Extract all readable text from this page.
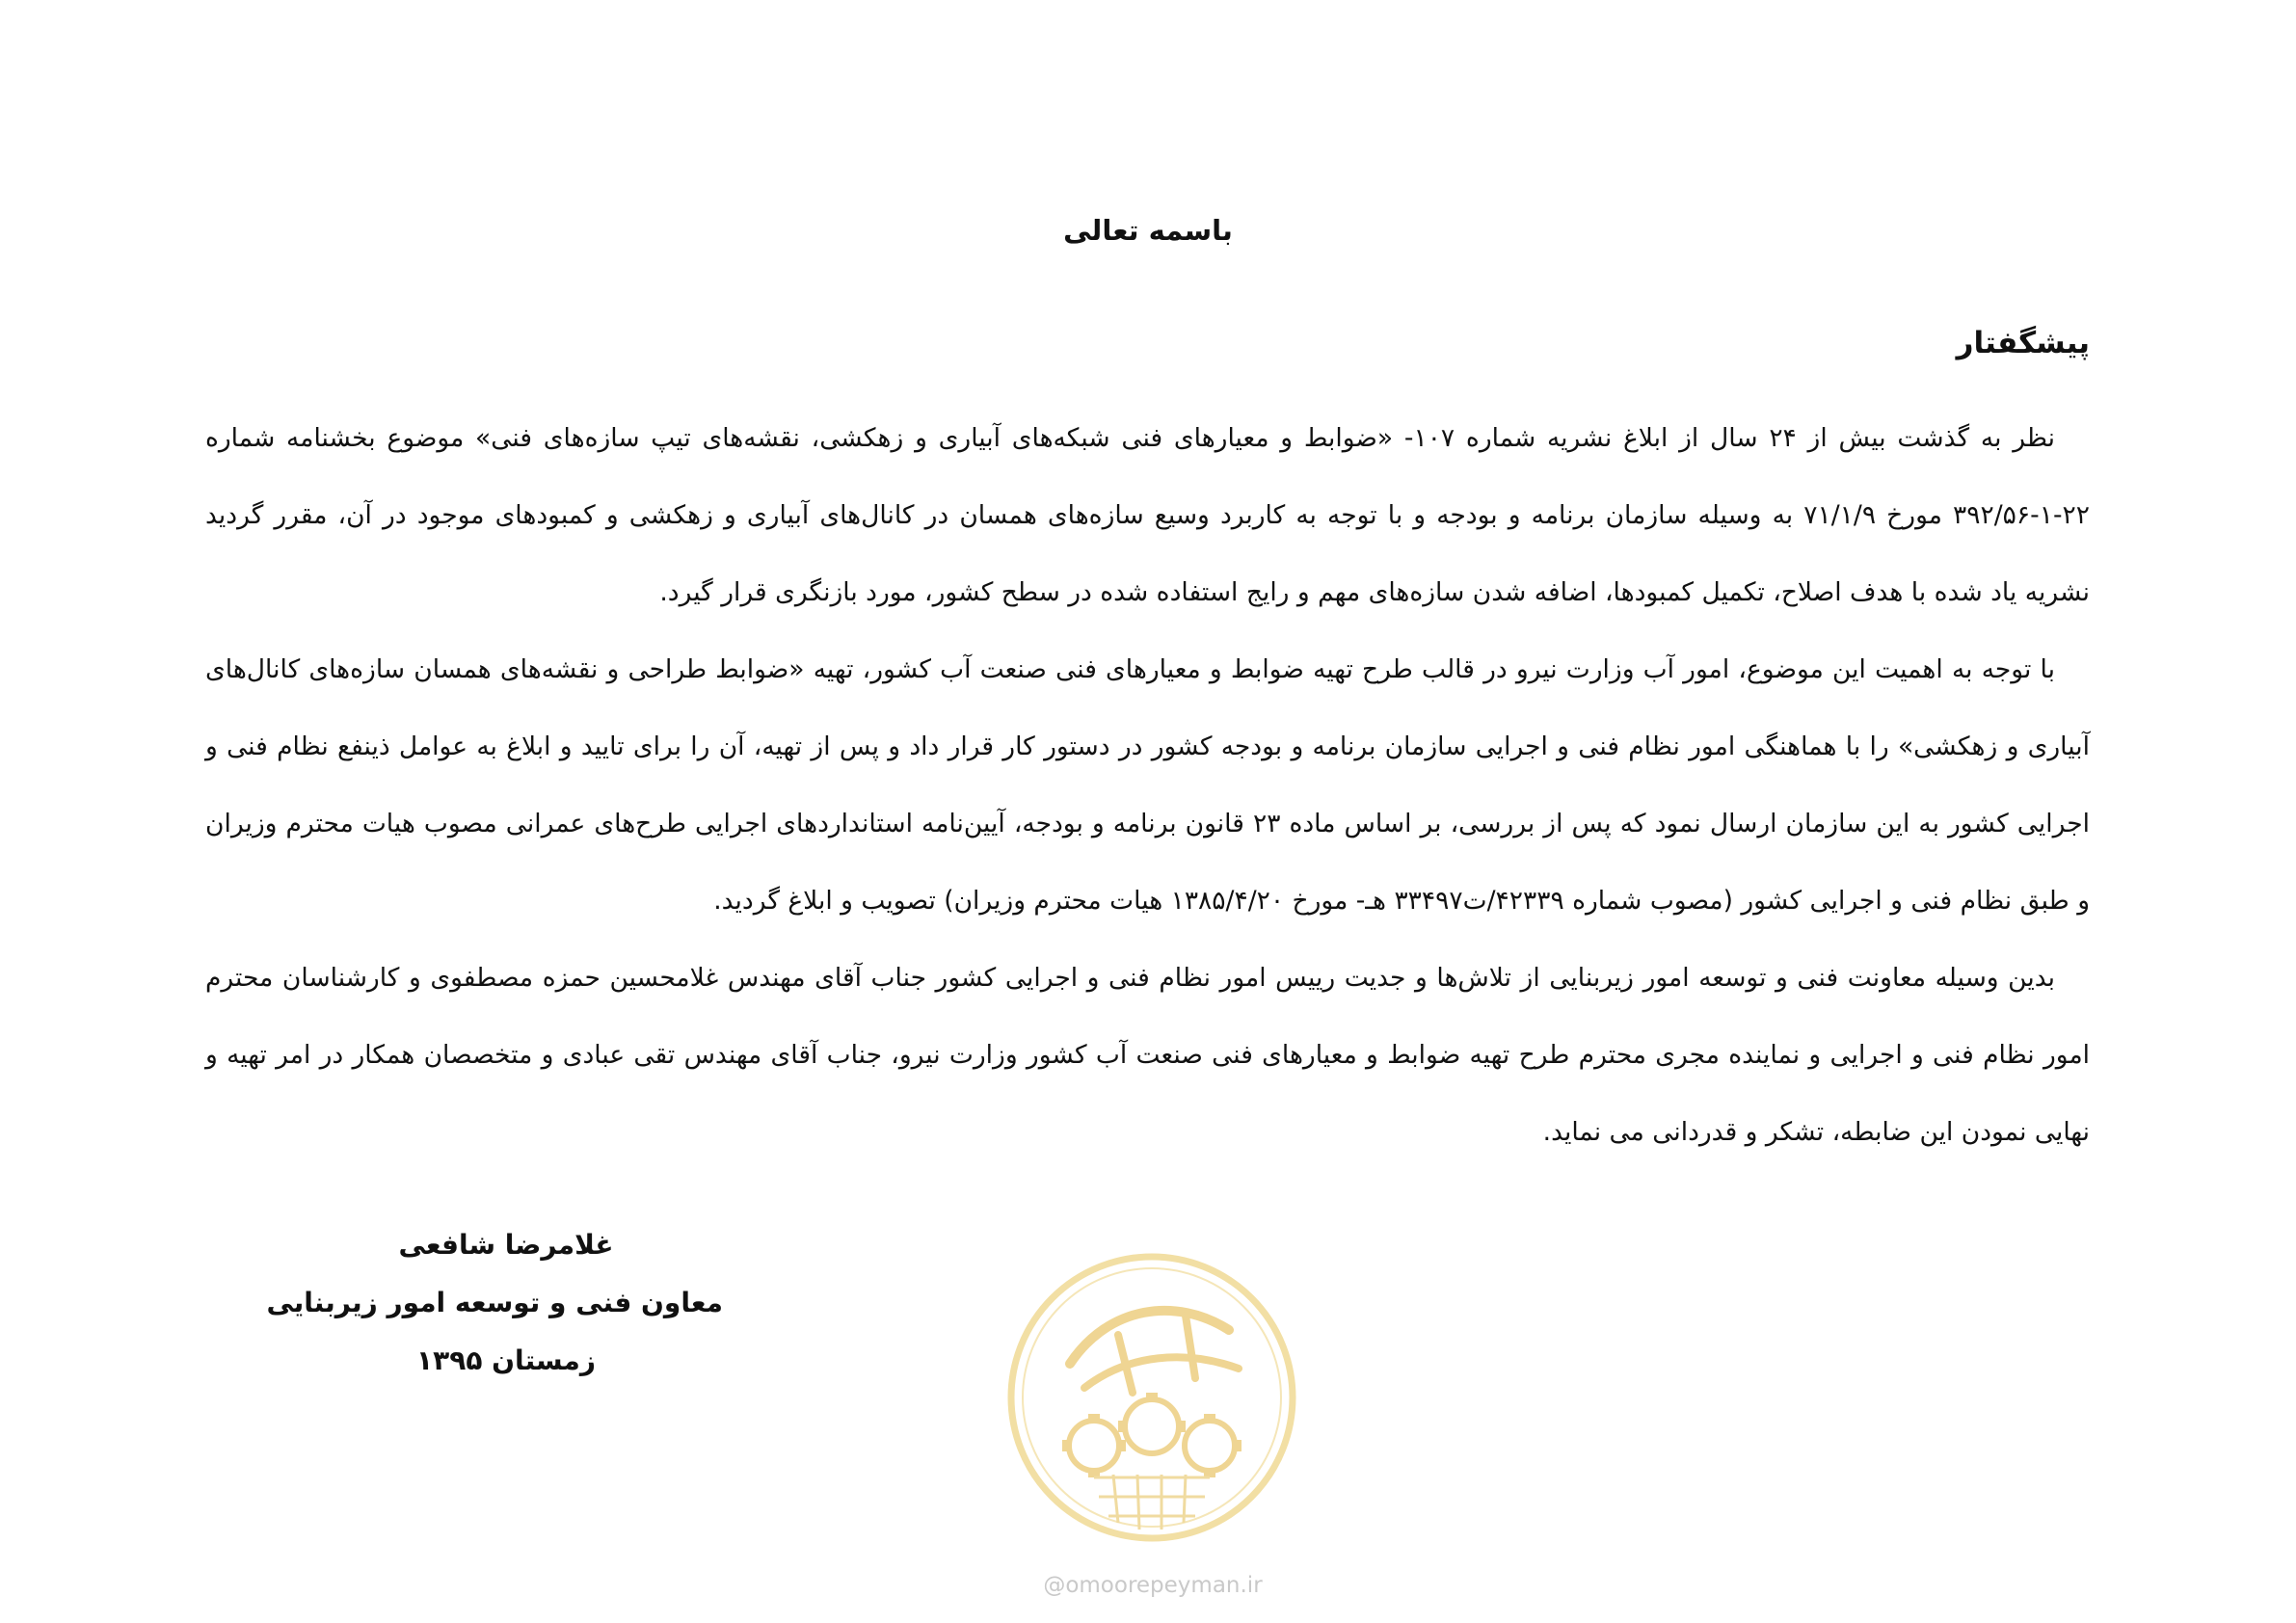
باسمه تعالی
پیشگفتار

نظر به گذشت بیش از ۲۴ سال از ابلاغ نشریه شماره ۱۰۷- «ضوابط و معیارهای فنی شبکه‌های آبیاری و زهکشی، نقشه‌های تیپ سازه‌های فنی» موضوع بخشنامه شماره ۲۲-۱-۳۹۲/۵۶ مورخ ۷۱/۱/۹ به وسیله سازمان برنامه و بودجه و با توجه به کاربرد وسیع سازه‌های همسان در کانال‌های آبیاری و زهکشی و کمبودهای موجود در آن، مقرر گردید نشریه یاد شده با هدف اصلاح، تکمیل کمبودها، اضافه شدن سازه‌های مهم و رایج استفاده شده در سطح کشور، مورد بازنگری قرار گیرد.

با توجه به اهمیت این موضوع، امور آب وزارت نیرو در قالب طرح تهیه ضوابط و معیارهای فنی صنعت آب کشور، تهیه «ضوابط طراحی و نقشه‌های همسان سازه‌های کانال‌های آبیاری و زهکشی» را با هماهنگی امور نظام فنی و اجرایی سازمان برنامه و بودجه کشور در دستور کار قرار داد و پس از تهیه، آن را برای تایید و ابلاغ به عوامل ذینفع نظام فنی و اجرایی کشور به این سازمان ارسال نمود که پس از بررسی، بر اساس ماده ۲۳ قانون برنامه و بودجه، آیین‌نامه استانداردهای اجرایی طرح‌های عمرانی مصوب هیات محترم وزیران و طبق نظام فنی و اجرایی کشور (مصوب شماره ۴۲۳۳۹/ت۳۳۴۹۷ هـ- مورخ ۱۳۸۵/۴/۲۰ هیات محترم وزیران) تصویب و ابلاغ گردید.

بدین وسیله معاونت فنی و توسعه امور زیربنایی از تلاش‌ها و جدیت رییس امور نظام فنی و اجرایی کشور جناب آقای مهندس غلامحسین حمزه مصطفوی و کارشناسان محترم امور نظام فنی و اجرایی و نماینده مجری محترم طرح تهیه ضوابط و معیارهای فنی صنعت آب کشور وزارت نیرو، جناب آقای مهندس تقی عبادی و متخصصان همکار در امر تهیه و نهایی نمودن این ضابطه، تشکر و قدردانی می نماید.

غلامرضا شافعی
معاون فنی و توسعه امور زیربنایی
زمستان ۱۳۹۵
@omoorepeyman.ir
